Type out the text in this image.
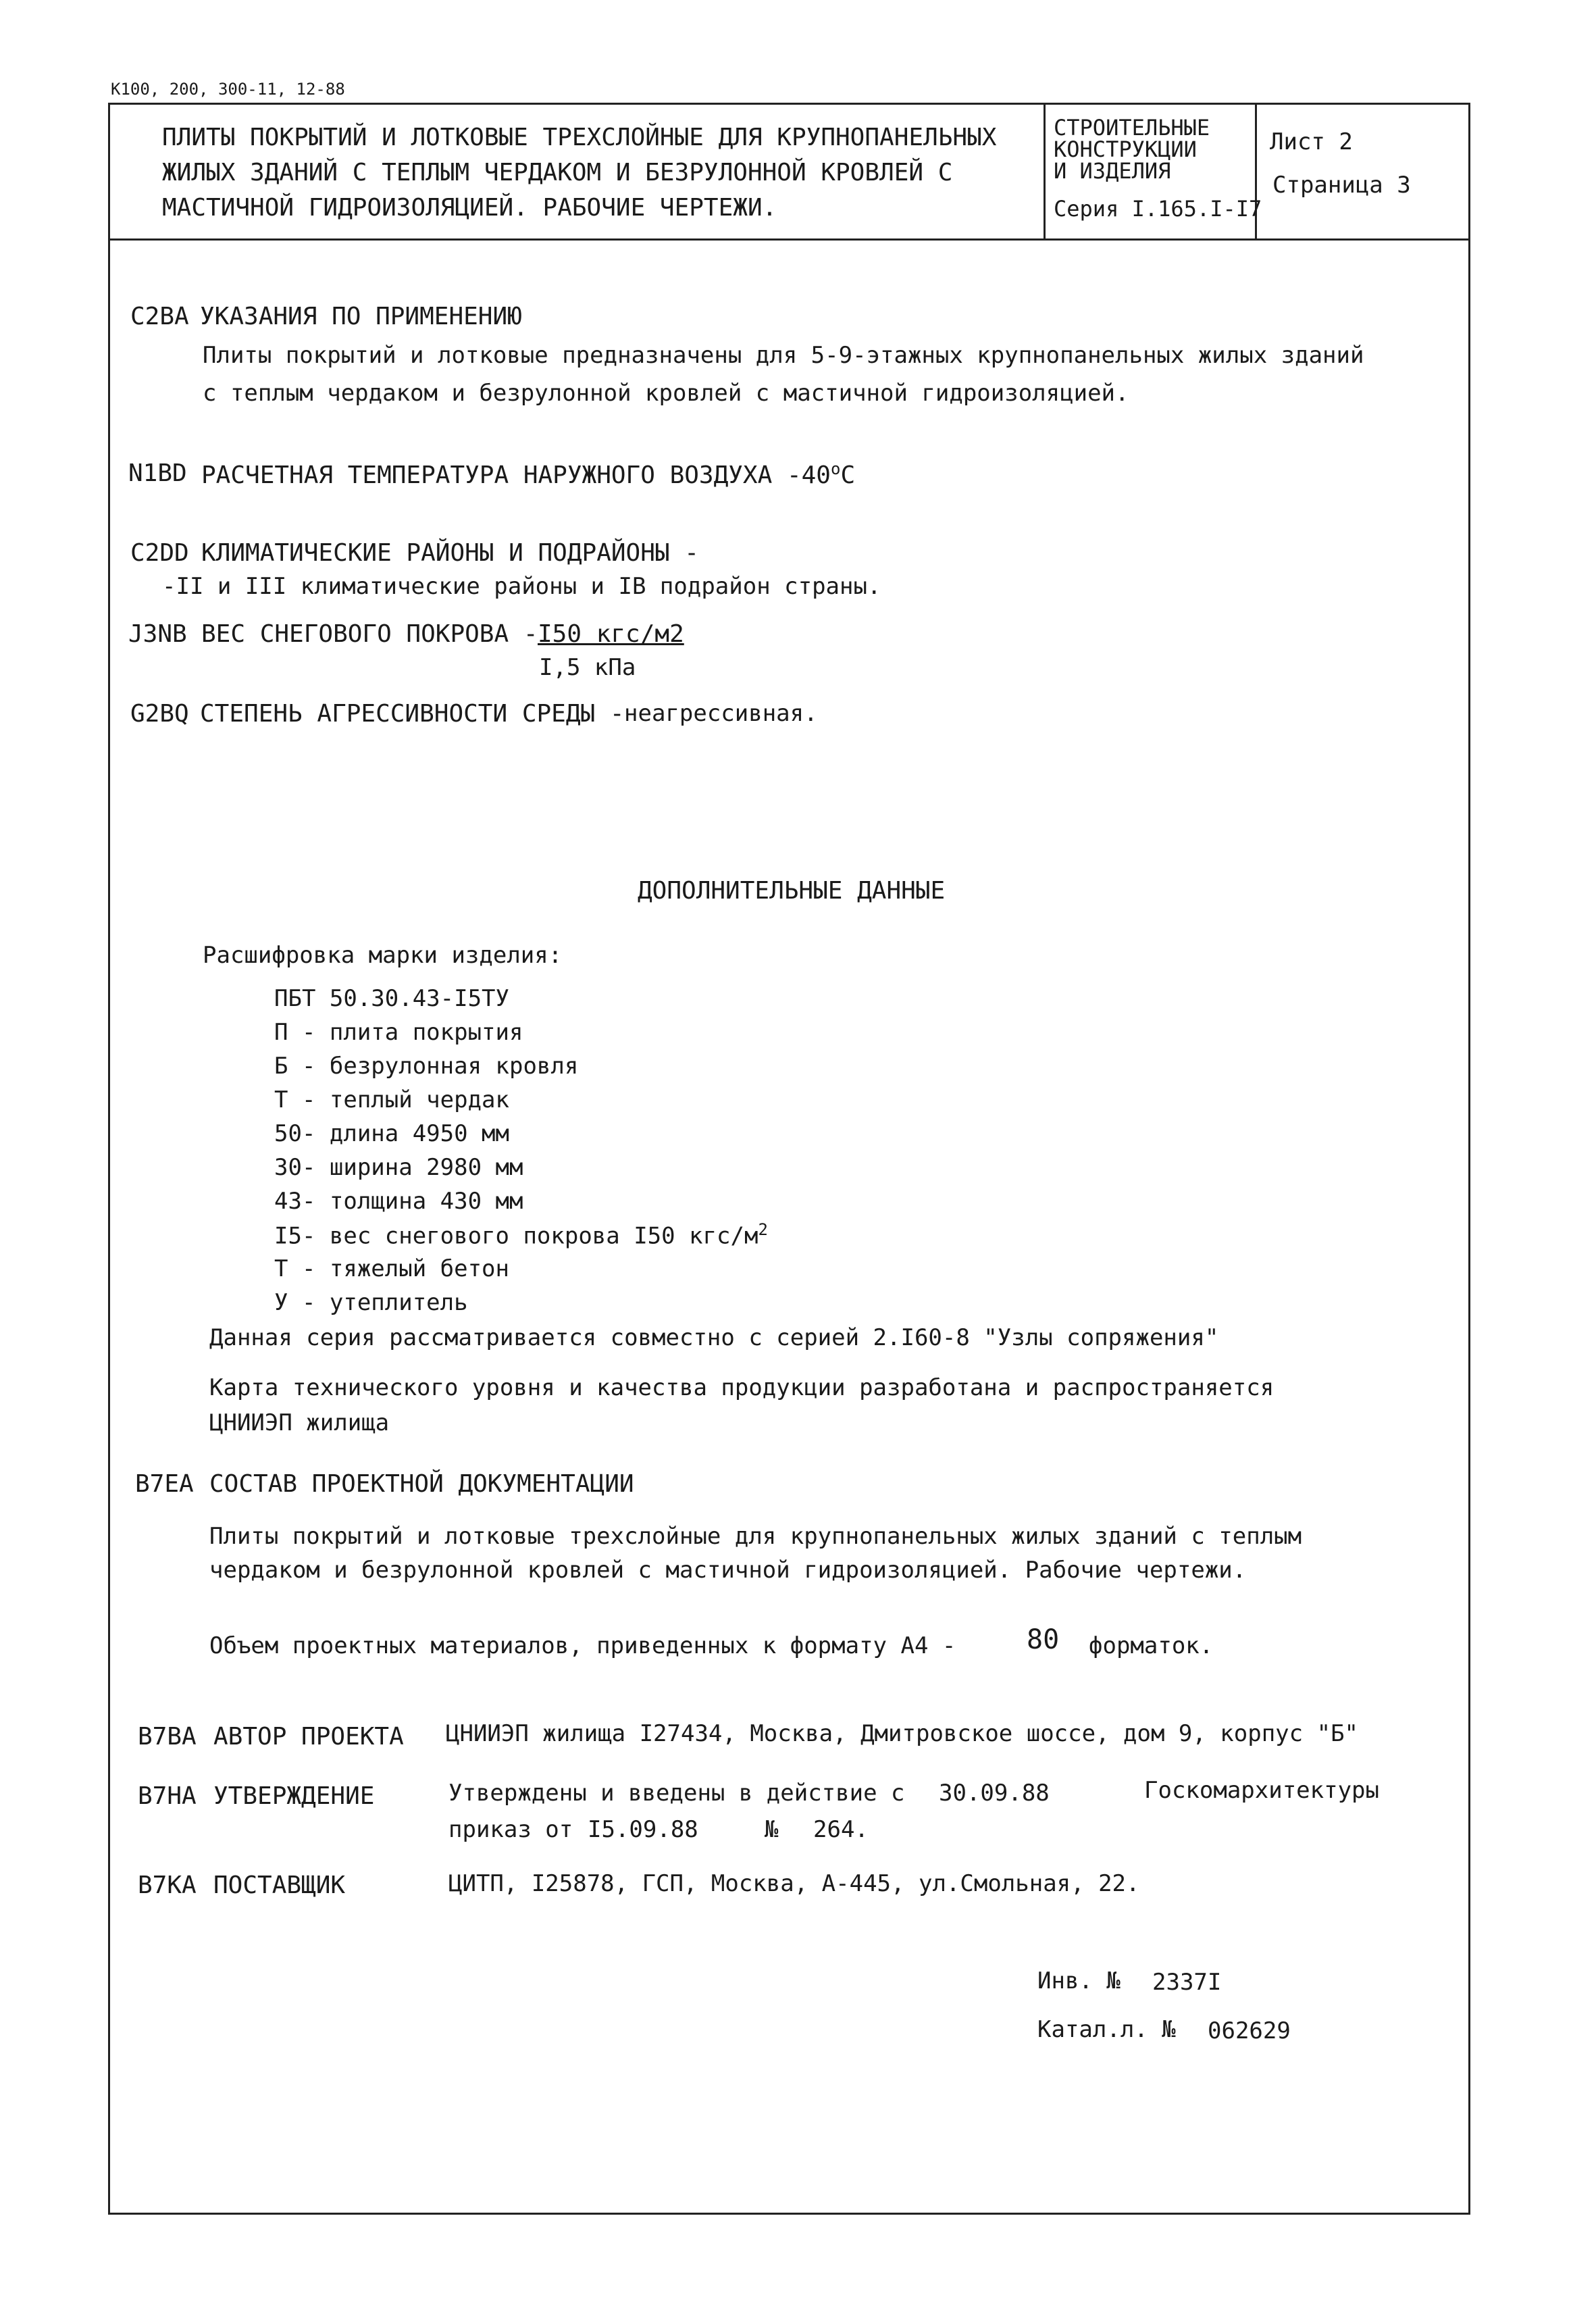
К100, 200, 300-11, 12-88
ПЛИТЫ ПОКРЫТИЙ И ЛОТКОВЫЕ ТРЕХСЛОЙНЫЕ ДЛЯ КРУПНОПАНЕЛЬНЫХ
ЖИЛЫХ ЗДАНИЙ С ТЕПЛЫМ ЧЕРДАКОМ И БЕЗРУЛОННОЙ КРОВЛЕЙ С
МАСТИЧНОЙ ГИДРОИЗОЛЯЦИЕЙ. РАБОЧИЕ ЧЕРТЕЖИ.
СТРОИТЕЛЬНЫЕ
КОНСТРУКЦИИ
И ИЗДЕЛИЯ
Серия I.165.I-I7
Лист 2
Страница 3
С2ВА УКАЗАНИЯ ПО ПРИМЕНЕНИЮ
Плиты покрытий и лотковые предназначены для 5-9-этажных крупнопанельных жилых зданий
с теплым чердаком и безрулонной кровлей с мастичной гидроизоляцией.
N1ВD РАСЧЕТНАЯ ТЕМПЕРАТУРА НАРУЖНОГО ВОЗДУХА $-40^оС$
С2DD КЛИМАТИЧЕСКИЕ РАЙОНЫ И ПОДРАЙОНЫ -
-II и III климатические районы и IВ подрайон страны.
J3NВ ВЕС СНЕГОВОГО ПОКРОВА - I50 кгс/м2
I,5 кПа
G2ВQ СТЕПЕНЬ АГРЕССИВНОСТИ СРЕДЫ - неагрессивная.
ДОПОЛНИТЕЛЬНЫЕ ДАННЫЕ
Расшифровка марки изделия:
ПБТ 50.30.43-I5ТУ
П - плита покрытия
Б - безрулонная кровля
Т - теплый чердак
50- длина 4950 мм
30- ширина 2980 мм
43- толщина 430 мм
I5- вес снегового покрова I50 кгс/$м^2$
Т - тяжелый бетон
У - утеплитель
Данная серия рассматривается совместно с серией 2.I60-8 "Узлы сопряжения"
Карта технического уровня и качества продукции разработана и распространяется
ЦНИИЭП жилища
В7ЕА СОСТАВ ПРОЕКТНОЙ ДОКУМЕНТАЦИИ
Плиты покрытий и лотковые трехслойные для крупнопанельных жилых зданий с теплым
чердаком и безрулонной кровлей с мастичной гидроизоляцией. Рабочие чертежи.
Объем проектных материалов, приведенных к формату А4 -	80 форматок.
В7ВА АВТОР ПРОЕКТА ЦНИИЭП жилища I27434, Москва, Дмитровское шоссе, дом 9, корпус "Б"
В7НА УТВЕРЖДЕНИЕ	Утверждены и введены в действие с 30.09.88	Госкомархитектуры
приказ от I5.09.88	№ 264.
В7КА ПОСТАВЩИК	ЦИТП, I25878, ГСП, Москва, А-445, ул.Смольная, 22.
Инв. № 2337I
Катал.л. № 062629
